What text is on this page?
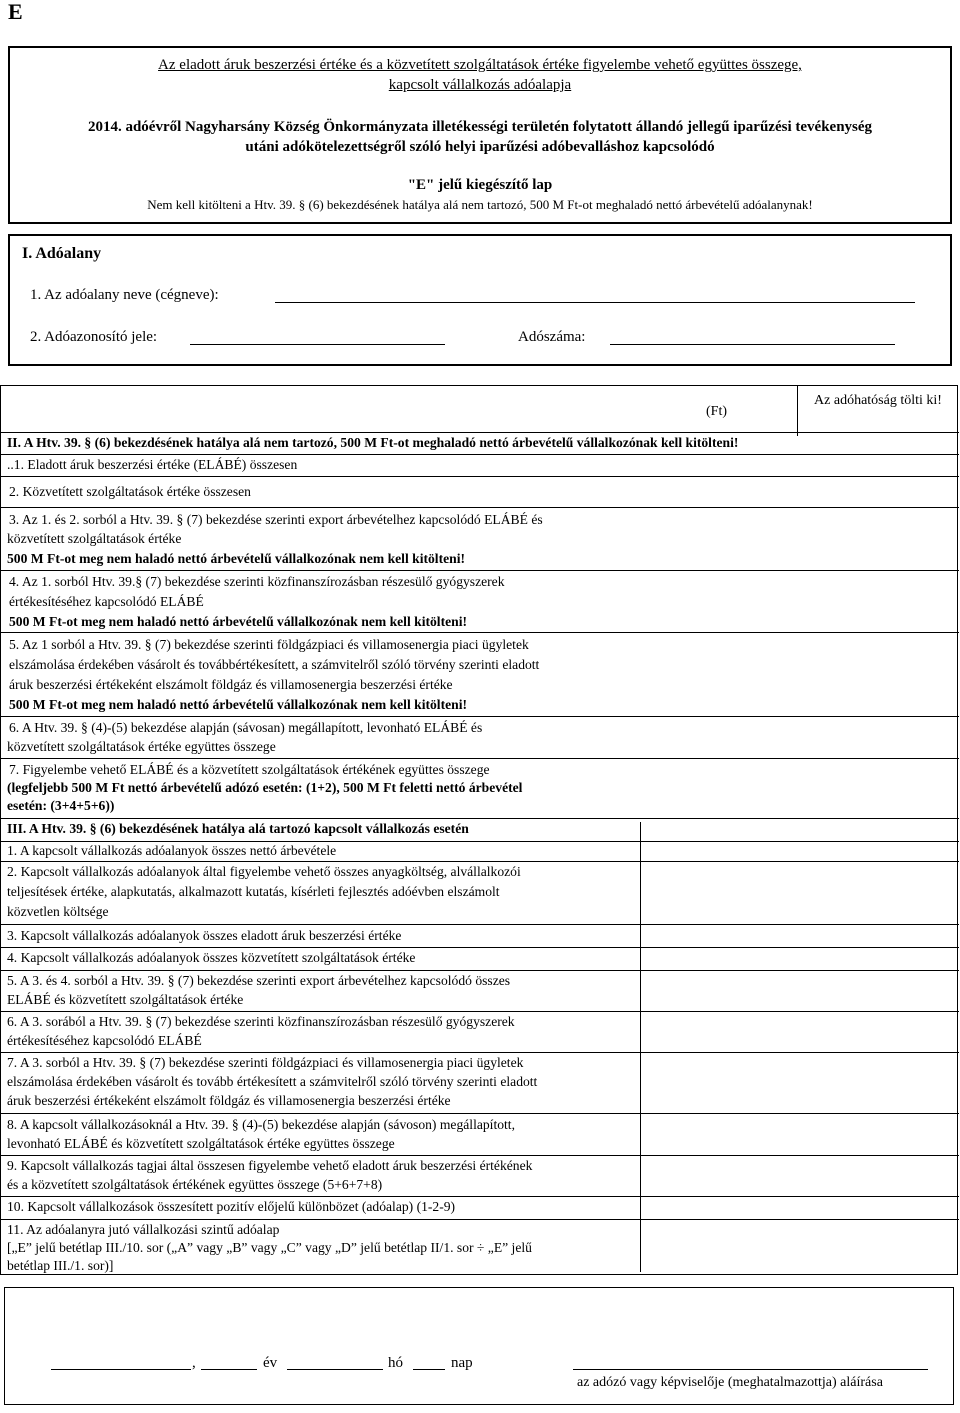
E
Az eladott áruk beszerzési értéke és a közvetített szolgáltatások értéke figyelembe vehető együttes összege,
kapcsolt vállalkozás adóalapja
2014. adóévről Nagyharsány Község Önkormányzata illetékességi területén folytatott állandó jellegű iparűzési tevékenység
utáni adókötelezettségről szóló helyi iparűzési adóbevalláshoz kapcsolódó
"E" jelű kiegészítő lap
Nem kell kitölteni a Htv. 39. § (6) bekezdésének hatálya alá nem tartozó, 500 M Ft-ot meghaladó nettó árbevételű adóalanynak!
I. Adóalany
1. Az adóalany neve (cégneve):
2. Adóazonosító jele:	Adószáma:
(Ft)
Az adóhatóság tölti ki!
II. A Htv. 39. § (6) bekezdésének hatálya alá nem tartozó, 500 M Ft-ot meghaladó nettó árbevételű vállalkozónak kell kitölteni!
..1. Eladott áruk beszerzési értéke (ELÁBÉ) összesen
2. Közvetített szolgáltatások értéke összesen
3. Az 1. és 2. sorból a Htv. 39. § (7) bekezdése szerinti export árbevételhez kapcsolódó ELÁBÉ és
közvetített szolgáltatások értéke
500 M Ft-ot meg nem haladó nettó árbevételű vállalkozónak nem kell kitölteni!
4. Az 1. sorból Htv. 39.§ (7) bekezdése szerinti közfinanszírozásban részesülő gyógyszerek
értékesítéséhez kapcsolódó ELÁBÉ
500 M Ft-ot meg nem haladó nettó árbevételű vállalkozónak nem kell kitölteni!
5. Az 1 sorból a Htv. 39. § (7) bekezdése szerinti földgázpiaci és villamosenergia piaci ügyletek
elszámolása érdekében vásárolt és továbbértékesített, a számvitelről szóló törvény szerinti eladott
áruk beszerzési értékeként elszámolt földgáz és villamosenergia beszerzési értéke
500 M Ft-ot meg nem haladó nettó árbevételű vállalkozónak nem kell kitölteni!
6. A Htv. 39. § (4)-(5) bekezdése alapján (sávosan) megállapított, levonható ELÁBÉ és
közvetített szolgáltatások értéke együttes összege
7. Figyelembe vehető ELÁBÉ és a közvetített szolgáltatások értékének együttes összege
(legfeljebb 500 M Ft nettó árbevételű adózó esetén: (1+2), 500 M Ft feletti nettó árbevétel
esetén: (3+4+5+6))
III. A Htv. 39. § (6) bekezdésének hatálya alá tartozó kapcsolt vállalkozás esetén
1. A kapcsolt vállalkozás adóalanyok összes nettó árbevétele
2. Kapcsolt vállalkozás adóalanyok által figyelembe vehető összes anyagköltség, alvállalkozói
teljesítések értéke, alapkutatás, alkalmazott kutatás, kísérleti fejlesztés adóévben elszámolt
közvetlen költsége
3. Kapcsolt vállalkozás adóalanyok összes eladott áruk beszerzési értéke
4. Kapcsolt vállalkozás adóalanyok összes közvetített szolgáltatások értéke
5. A 3. és 4. sorból a Htv. 39. § (7) bekezdése szerinti export árbevételhez kapcsolódó összes
ELÁBÉ és közvetített szolgáltatások értéke
6. A 3. sorából a Htv. 39. § (7) bekezdése szerinti közfinanszírozásban részesülő gyógyszerek
értékesítéséhez kapcsolódó ELÁBÉ
7. A 3. sorból a Htv. 39. § (7) bekezdése szerinti földgázpiaci és villamosenergia piaci ügyletek
elszámolása érdekében vásárolt és tovább értékesített a számvitelről szóló törvény szerinti eladott
áruk beszerzési értékeként elszámolt földgáz és villamosenergia beszerzési értéke
8. A kapcsolt vállalkozásoknál a Htv. 39. § (4)-(5) bekezdése alapján (sávoson) megállapított,
levonható ELÁBÉ és közvetített szolgáltatások értéke együttes összege
9. Kapcsolt vállalkozás tagjai által összesen figyelembe vehető eladott áruk beszerzési értékének
és a közvetített szolgáltatások értékének együttes összege (5+6+7+8)
10. Kapcsolt vállalkozások összesített pozitív előjelű különbözet (adóalap) (1-2-9)
11. Az adóalanyra jutó vállalkozási szintű adóalap
[„E” jelű betétlap III./10. sor („A” vagy „B” vagy „C” vagy „D” jelű betétlap II/1. sor ÷ „E” jelű
betétlap III./1. sor)]
,	év	hó	nap
az adózó vagy képviselője (meghatalmazottja) aláírása
